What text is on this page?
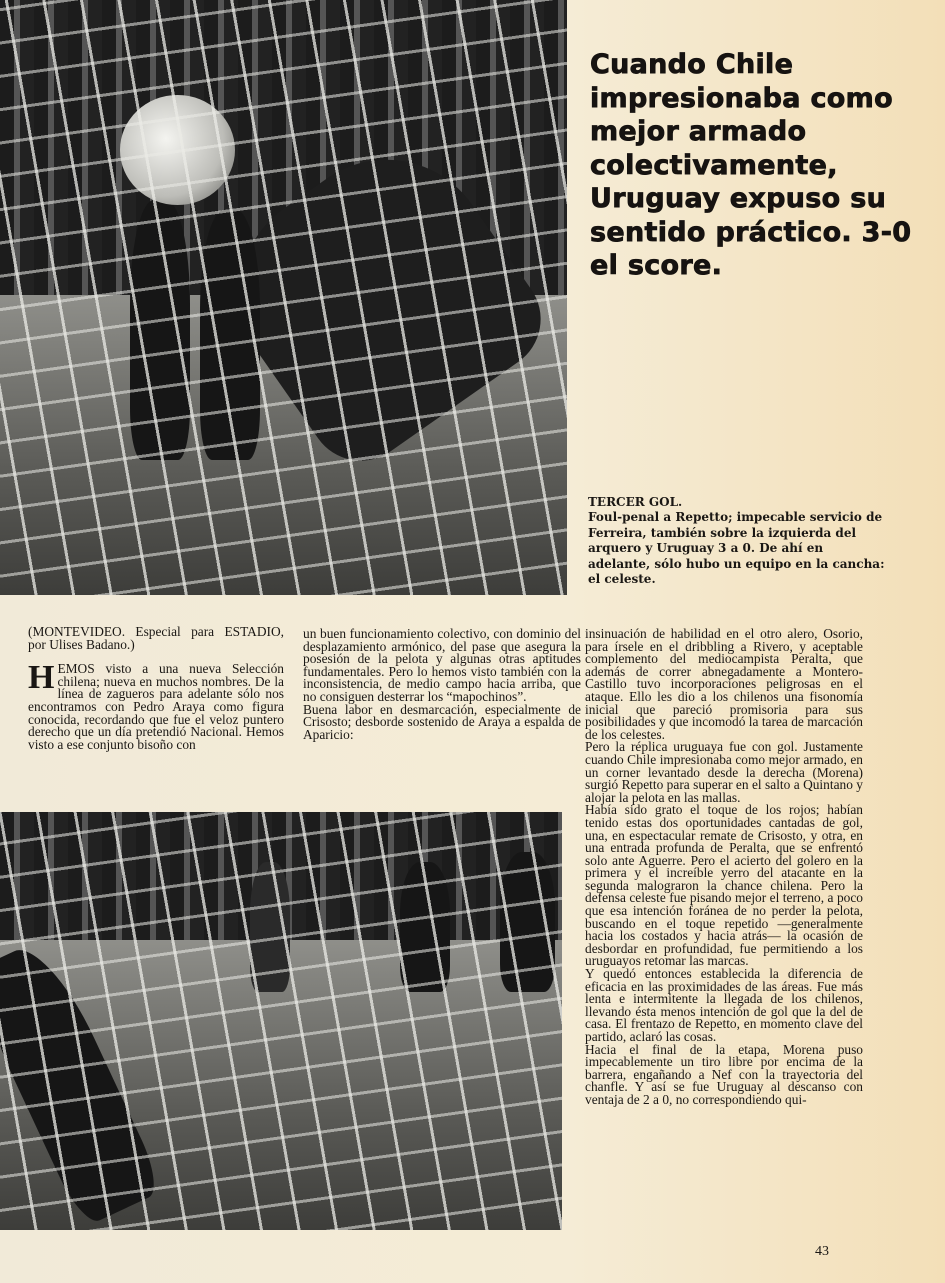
Cuando Chile impresionaba como mejor armado colectivamente, Uruguay expuso su sentido práctico. 3-0 el score.
TERCER GOL.
Foul-penal a Repetto; impecable servicio de Ferreira, también sobre la izquierda del arquero y Uruguay 3 a 0. De ahí en adelante, sólo hubo un equipo en la cancha: el celeste.

(MONTEVIDEO. Especial para ESTADIO, por Ulises Badano.)

HEMOS visto a una nueva Selección chilena; nueva en muchos nombres. De la línea de zagueros para adelante sólo nos encontramos con Pedro Araya como figura conocida, recordando que fue el veloz puntero derecho que un día pretendió Nacional. Hemos visto a ese conjunto bisoño con

un buen funcionamiento colectivo, con dominio del desplazamiento armónico, del pase que asegura la posesión de la pelota y algunas otras aptitudes fundamentales. Pero lo hemos visto también con la inconsistencia, de medio campo hacia arriba, que no consiguen desterrar los “mapochinos”.

Buena labor en desmarcación, especialmente de Crisosto; desborde sostenido de Araya a espalda de Aparicio:

insinuación de habilidad en el otro alero, Osorio, para írsele en el dribbling a Rivero, y aceptable complemento del mediocampista Peralta, que además de correr abnegadamente a Montero-Castillo tuvo incorporaciones peligrosas en el ataque. Ello les dio a los chilenos una fisonomía inicial que pareció promisoria para sus posibilidades y que incomodó la tarea de marcación de los celestes.

Pero la réplica uruguaya fue con gol. Justamente cuando Chile impresionaba como mejor armado, en un corner levantado desde la derecha (Morena) surgió Repetto para superar en el salto a Quintano y alojar la pelota en las mallas.

Había sido grato el toque de los rojos; habían tenido estas dos oportunidades cantadas de gol, una, en espectacular remate de Crisosto, y otra, en una entrada profunda de Peralta, que se enfrentó solo ante Aguerre. Pero el acierto del golero en la primera y el increíble yerro del atacante en la segunda malograron la chance chilena. Pero la defensa celeste fue pisando mejor el terreno, a poco que esa intención foránea de no perder la pelota, buscando en el toque repetido —generalmente hacia los costados y hacia atrás— la ocasión de desbordar en profundidad, fue permitiendo a los uruguayos retomar las marcas.

Y quedó entonces establecida la diferencia de eficacia en las proximidades de las áreas. Fue más lenta e intermitente la llegada de los chilenos, llevando ésta menos intención de gol que la del de casa. El frentazo de Repetto, en momento clave del partido, aclaró las cosas.

Hacia el final de la etapa, Morena puso impecablemente un tiro libre por encima de la barrera, engañando a Nef con la trayectoria del chanfle. Y así se fue Uruguay al descanso con ventaja de 2 a 0, no correspondiendo qui-

43
